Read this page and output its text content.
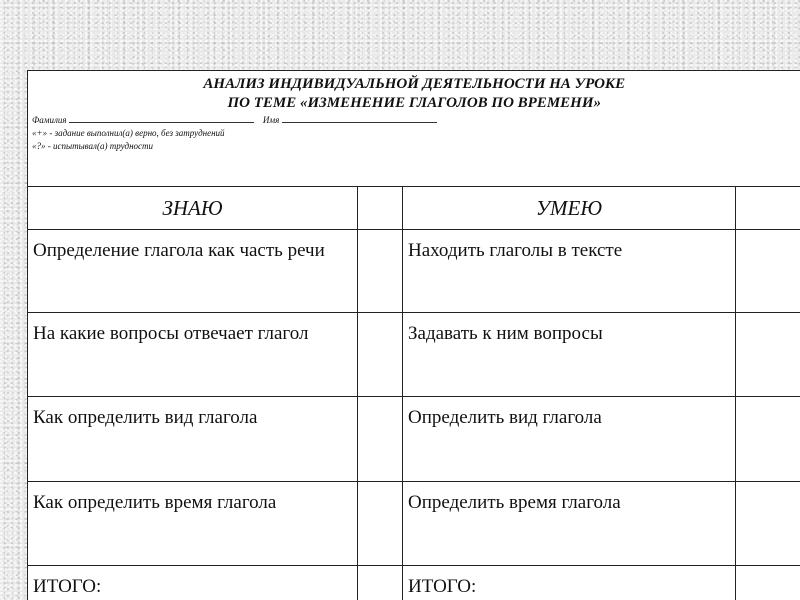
АНАЛИЗ ИНДИВИДУАЛЬНОЙ ДЕЯТЕЛЬНОСТИ НА УРОКЕ
ПО ТЕМЕ «ИЗМЕНЕНИЕ ГЛАГОЛОВ ПО ВРЕМЕНИ»
Фамилия Имя
«+» - задание выполнил(а) верно, без затруднений
«?» - испытывал(а) трудности			

ЗНАЮ		УМЕЮ	
Определение глагола как часть речи		Находить глаголы в тексте	
На какие вопросы отвечает глагол		Задавать к ним вопросы	
Как определить вид глагола		Определить вид глагола	
Как определить время глагола		Определить время глагола	
ИТОГО:		ИТОГО:	
